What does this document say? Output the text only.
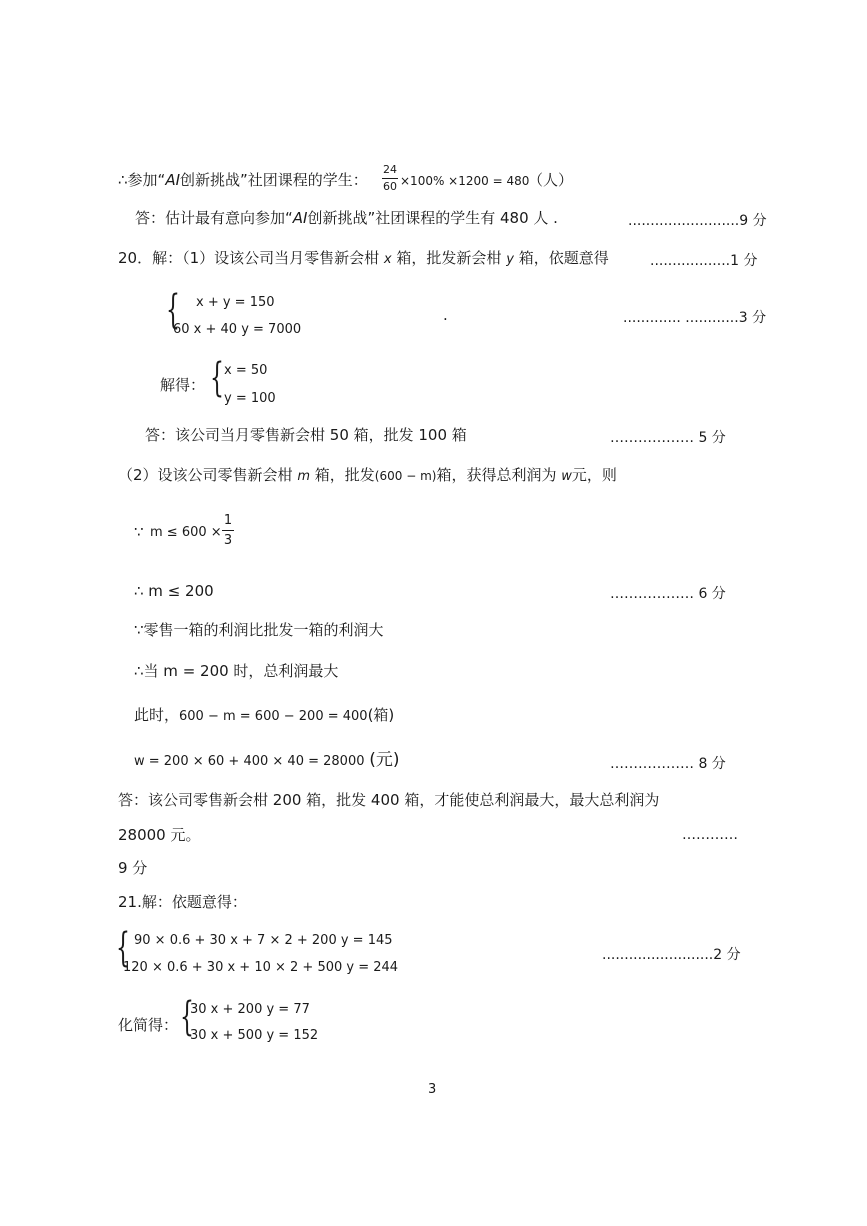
∴参加“AI创新挑战”社团课程的学生：
24
60 ×100% ×1200 = 480
（人）
答：估计最有意向参加“AI创新挑战”社团课程的学生有 480 人 .	.........................9 分
20．解：（1）设该公司当月零售新会柑 x 箱，批发新会柑 y 箱，依题意得	..................1 分
{ x + y = 150
60 x + 40 y = 7000
.	............. ............3 分
解得： { x = 50
y = 100
答：该公司当月零售新会柑 50 箱，批发 100 箱	……………… 5 分
（2）设该公司零售新会柑 m 箱，批发(600 − m)箱，获得总利润为 w元，则
∵ m ≤ 600 ×
1
3
∴ m ≤ 200	……………… 6 分
∵零售一箱的利润比批发一箱的利润大
∴当 m = 200 时，总利润最大
此时，600 − m = 600 − 200 = 400(箱)
w = 200 × 60 + 400 × 40 = 28000 (元)	……………… 8 分
答：该公司零售新会柑 200 箱，批发 400 箱，才能使总利润最大，最大总利润为
28000 元。	…………
9 分
21.解：依题意得：
{ 90 × 0.6 + 30 x + 7 × 2 + 200 y = 145
120 × 0.6 + 30 x + 10 × 2 + 500 y = 244
.........................2 分
化简得： {
30 x + 200 y = 77
30 x + 500 y = 152
3
